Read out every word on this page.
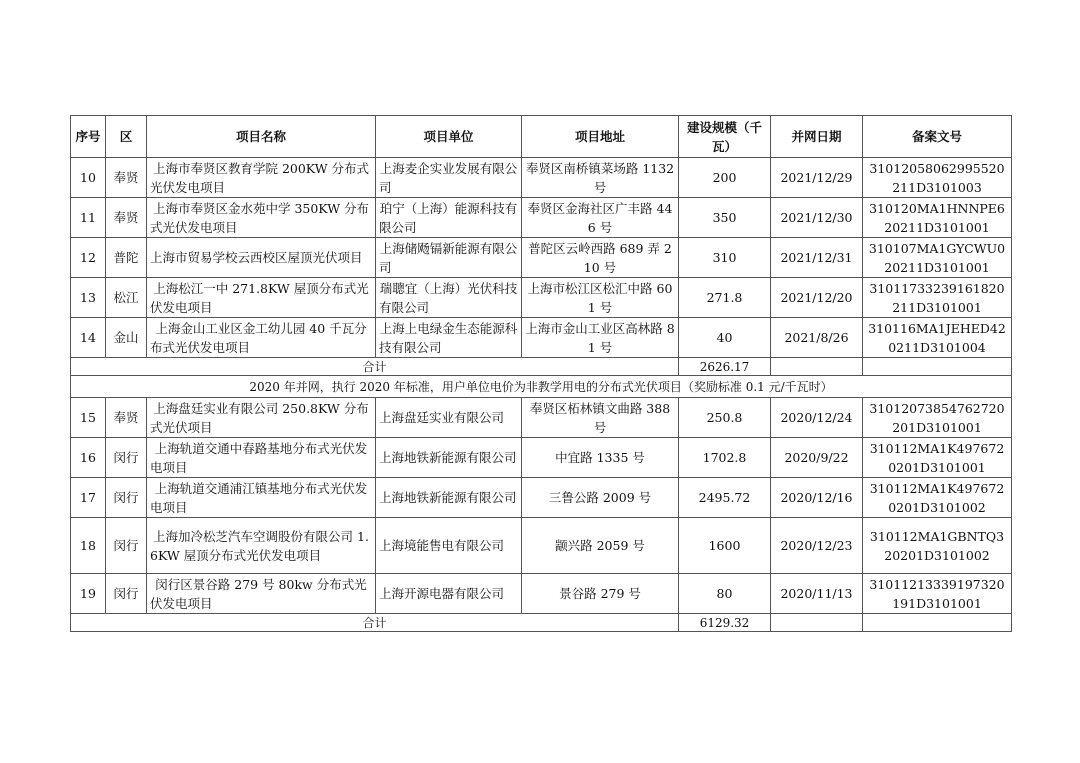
序号	区	项目名称	项目单位	项目地址	建设规模（千瓦）	并网日期	备案文号
10	奉贤	上海市奉贤区教育学院 200KW 分布式光伏发电项目	上海麦企实业发展有限公司	奉贤区南桥镇菜场路 1132 号	200	2021/12/29	31012058062995520211D3101003
11	奉贤	上海市奉贤区金水苑中学 350KW 分布式光伏发电项目	珀宁（上海）能源科技有限公司	奉贤区金海社区广丰路 446 号	350	2021/12/30	310120MA1HNNPE620211D3101001
12	普陀	上海市贸易学校云西校区屋顶光伏项目	上海储飏镉新能源有限公司	普陀区云岭西路 689 弄 210 号	310	2021/12/31	310107MA1GYCWU020211D3101001
13	松江	上海松江一中 271.8KW 屋顶分布式光伏发电项目	瑞聰宜（上海）光伏科技有限公司	上海市松江区松汇中路 601 号	271.8	2021/12/20	31011733239161820211D3101001
14	金山	上海金山工业区金工幼儿园 40 千瓦分布式光伏发电项目	上海上电绿金生态能源科技有限公司	上海市金山工业区高林路 81 号	40	2021/8/26	310116MA1JEHED420211D3101004
合计					2626.17		
2020 年并网，执行 2020 年标准，用户单位电价为非教学用电的分布式光伏项目（奖励标准 0.1 元/千瓦时）							
15	奉贤	上海盘廷实业有限公司 250.8KW 分布式光伏项目	上海盘廷实业有限公司	奉贤区柘林镇文曲路 388 号	250.8	2020/12/24	31012073854762720201D3101001
16	闵行	上海轨道交通中春路基地分布式光伏发电项目	上海地铁新能源有限公司	中宜路 1335 号	1702.8	2020/9/22	310112MA1K4976720201D3101001
17	闵行	上海轨道交通浦江镇基地分布式光伏发电项目	上海地铁新能源有限公司	三鲁公路 2009 号	2495.72	2020/12/16	310112MA1K4976720201D3101002
18	闵行	上海加冷松芝汽车空调股份有限公司 1.6KW 屋顶分布式光伏发电项目	上海境能售电有限公司	颛兴路 2059 号	1600	2020/12/23	310112MA1GBNTQ320201D3101002
19	闵行	闵行区景谷路 279 号 80kw 分布式光伏发电项目	上海开源电器有限公司	景谷路 279 号	80	2020/11/13	31011213339197320191D3101001
合计					6129.32		
